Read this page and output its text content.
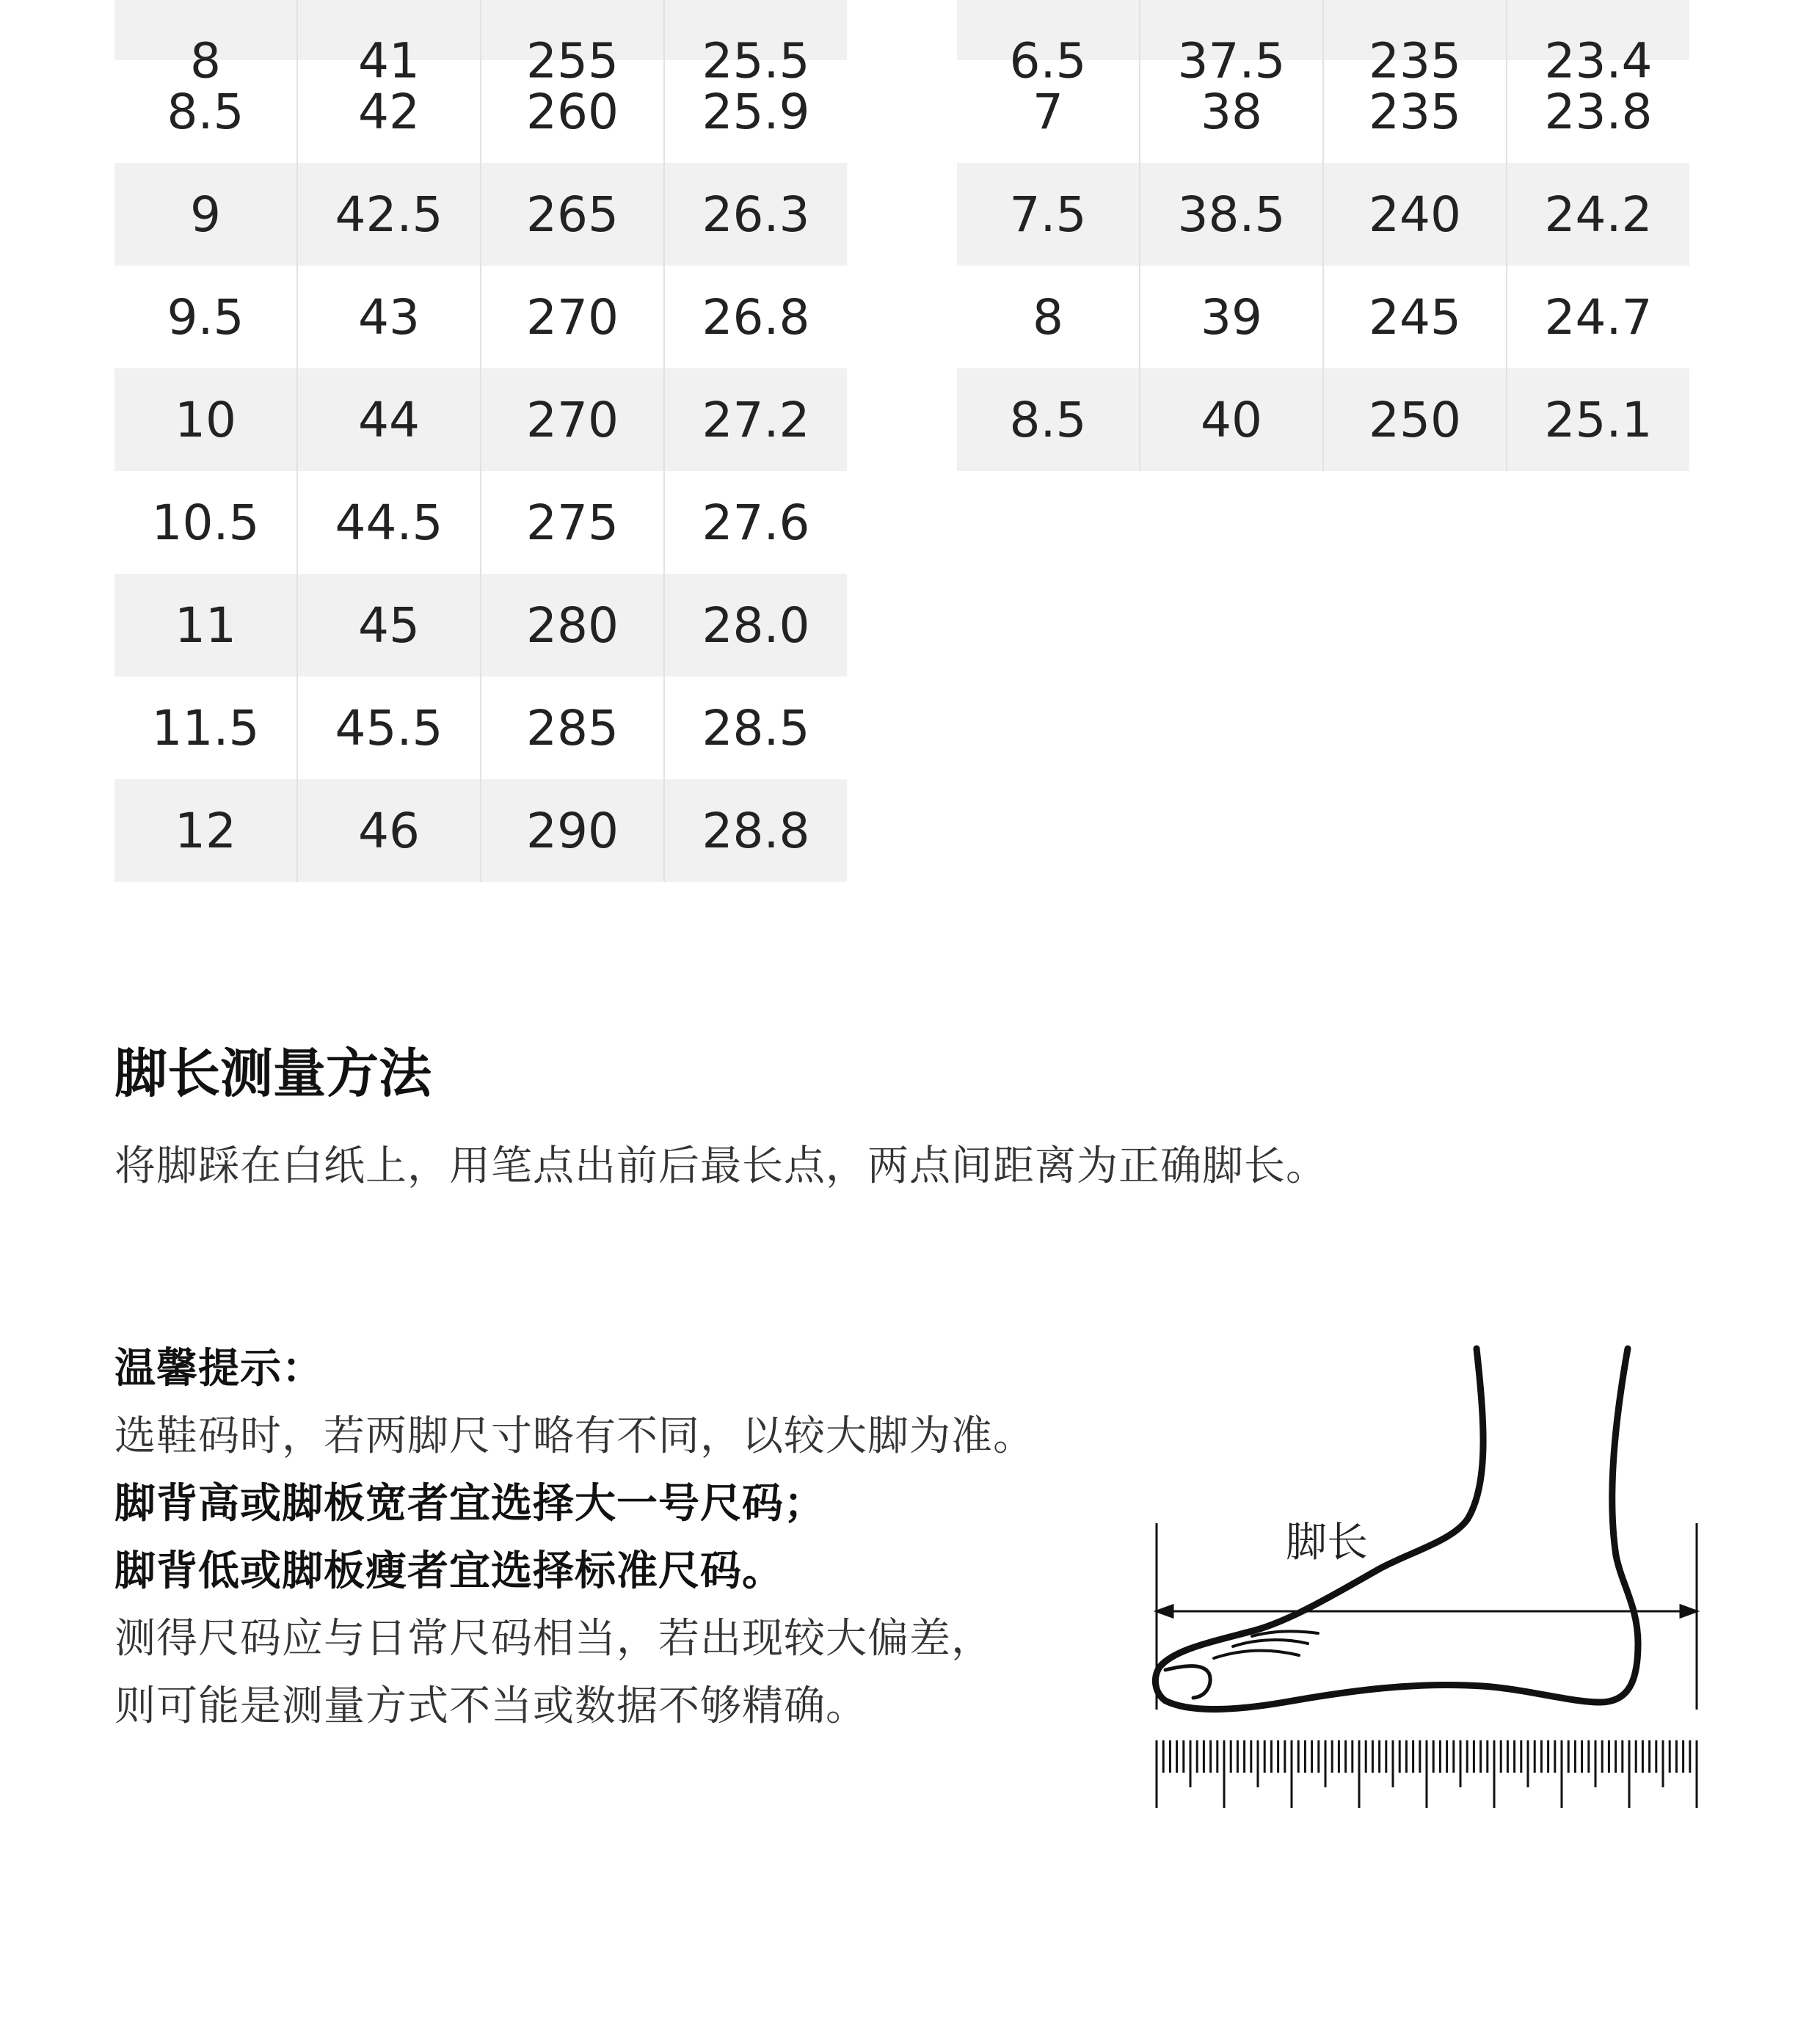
8	41	255	25.5

8.5	42	260	25.9
9	42.5	265	26.3
9.5	43	270	26.8
10	44	270	27.2
10.5	44.5	275	27.6
11	45	280	28.0
11.5	45.5	285	28.5
12	46	290	28.8
6.5	37.5	235	23.4

7	38	235	23.8
7.5	38.5	240	24.2
8	39	245	24.7
8.5	40	250	25.1
脚长测量方法
将脚踩在白纸上，用笔点出前后最长点，两点间距离为正确脚长。
温馨提示：
选鞋码时，若两脚尺寸略有不同，以较大脚为准。
脚背高或脚板宽者宜选择大一号尺码；
脚背低或脚板瘦者宜选择标准尺码。
测得尺码应与日常尺码相当，若出现较大偏差，
则可能是测量方式不当或数据不够精确。
脚长
